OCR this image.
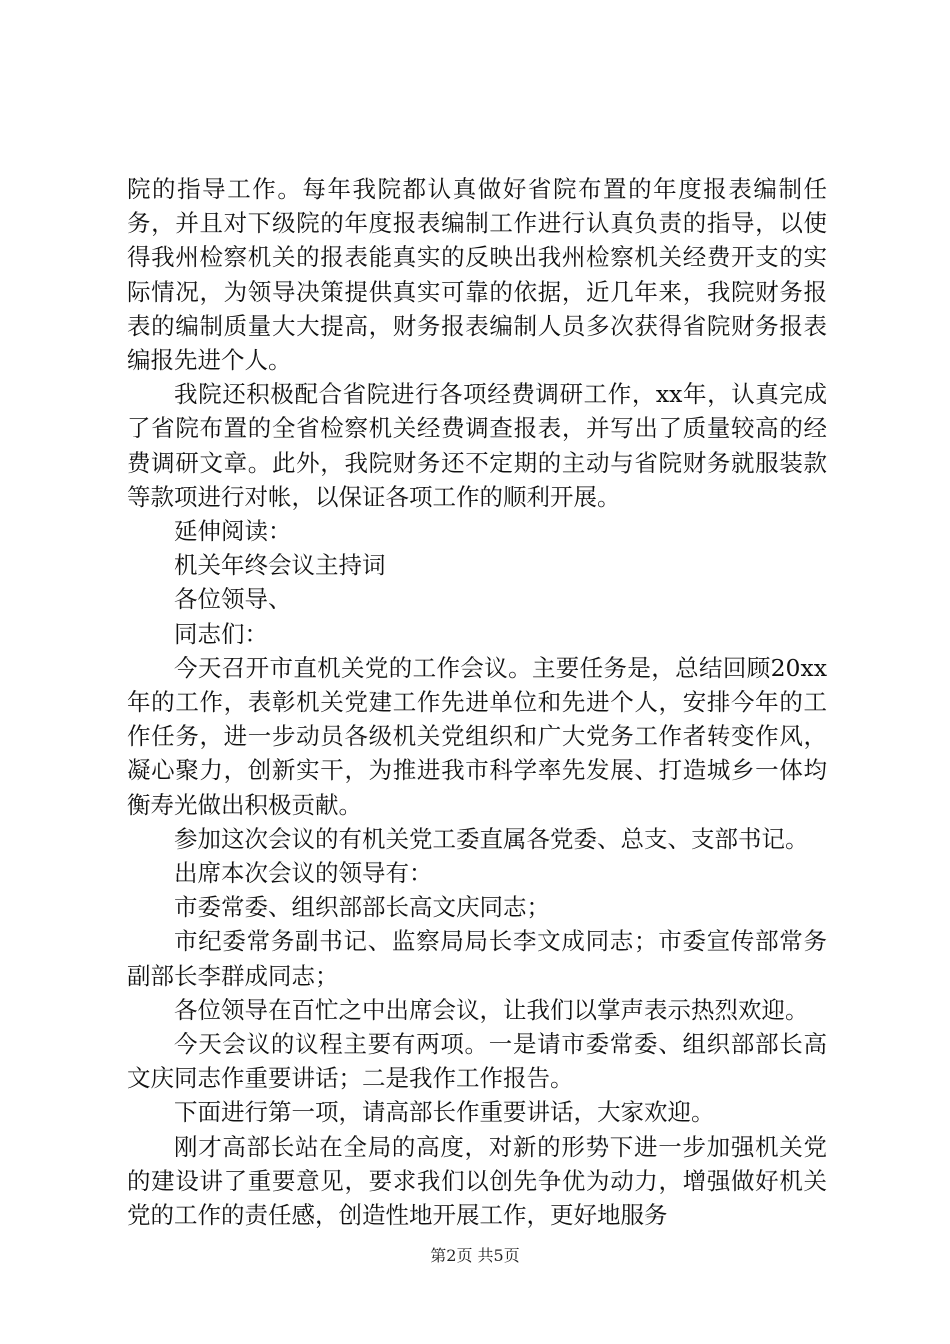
院的指导工作。每年我院都认真做好省院布置的年度报表编制任务，并且对下级院的年度报表编制工作进行认真负责的指导，以使得我州检察机关的报表能真实的反映出我州检察机关经费开支的实际情况，为领导决策提供真实可靠的依据，近几年来，我院财务报表的编制质量大大提高，财务报表编制人员多次获得省院财务报表编报先进个人。

我院还积极配合省院进行各项经费调研工作，xx年，认真完成了省院布置的全省检察机关经费调查报表，并写出了质量较高的经费调研文章。此外，我院财务还不定期的主动与省院财务就服装款等款项进行对帐，以保证各项工作的顺利开展。

延伸阅读：

机关年终会议主持词

各位领导、

同志们：

今天召开市直机关党的工作会议。主要任务是，总结回顾20xx年的工作，表彰机关党建工作先进单位和先进个人，安排今年的工作任务，进一步动员各级机关党组织和广大党务工作者转变作风，凝心聚力，创新实干，为推进我市科学率先发展、打造城乡一体均衡寿光做出积极贡献。

参加这次会议的有机关党工委直属各党委、总支、支部书记。

出席本次会议的领导有：

市委常委、组织部部长高文庆同志；

市纪委常务副书记、监察局局长李文成同志；市委宣传部常务副部长李群成同志；

各位领导在百忙之中出席会议，让我们以掌声表示热烈欢迎。

今天会议的议程主要有两项。一是请市委常委、组织部部长高文庆同志作重要讲话；二是我作工作报告。

下面进行第一项，请高部长作重要讲话，大家欢迎。

刚才高部长站在全局的高度，对新的形势下进一步加强机关党的建设讲了重要意见，要求我们以创先争优为动力，增强做好机关党的工作的责任感，创造性地开展工作，更好地服务

第2页 共5页
